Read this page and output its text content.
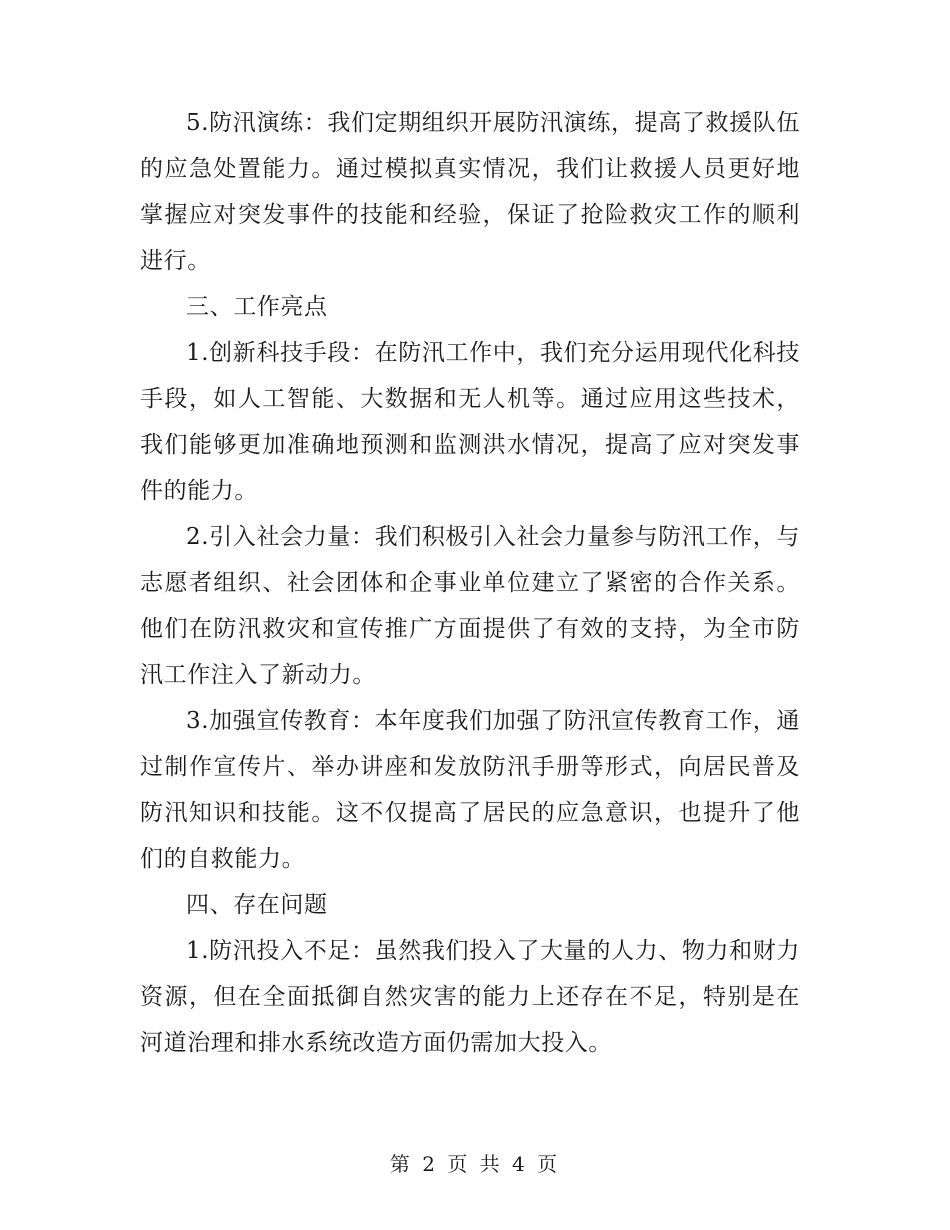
5.防汛演练：我们定期组织开展防汛演练，提高了救援队伍的应急处置能力。通过模拟真实情况，我们让救援人员更好地掌握应对突发事件的技能和经验，保证了抢险救灾工作的顺利进行。

三、工作亮点

1.创新科技手段：在防汛工作中，我们充分运用现代化科技手段，如人工智能、大数据和无人机等。通过应用这些技术，我们能够更加准确地预测和监测洪水情况，提高了应对突发事件的能力。

2.引入社会力量：我们积极引入社会力量参与防汛工作，与志愿者组织、社会团体和企事业单位建立了紧密的合作关系。他们在防汛救灾和宣传推广方面提供了有效的支持，为全市防汛工作注入了新动力。

3.加强宣传教育：本年度我们加强了防汛宣传教育工作，通过制作宣传片、举办讲座和发放防汛手册等形式，向居民普及防汛知识和技能。这不仅提高了居民的应急意识，也提升了他们的自救能力。

四、存在问题

1.防汛投入不足：虽然我们投入了大量的人力、物力和财力资源，但在全面抵御自然灾害的能力上还存在不足，特别是在河道治理和排水系统改造方面仍需加大投入。

第 2 页 共 4 页
